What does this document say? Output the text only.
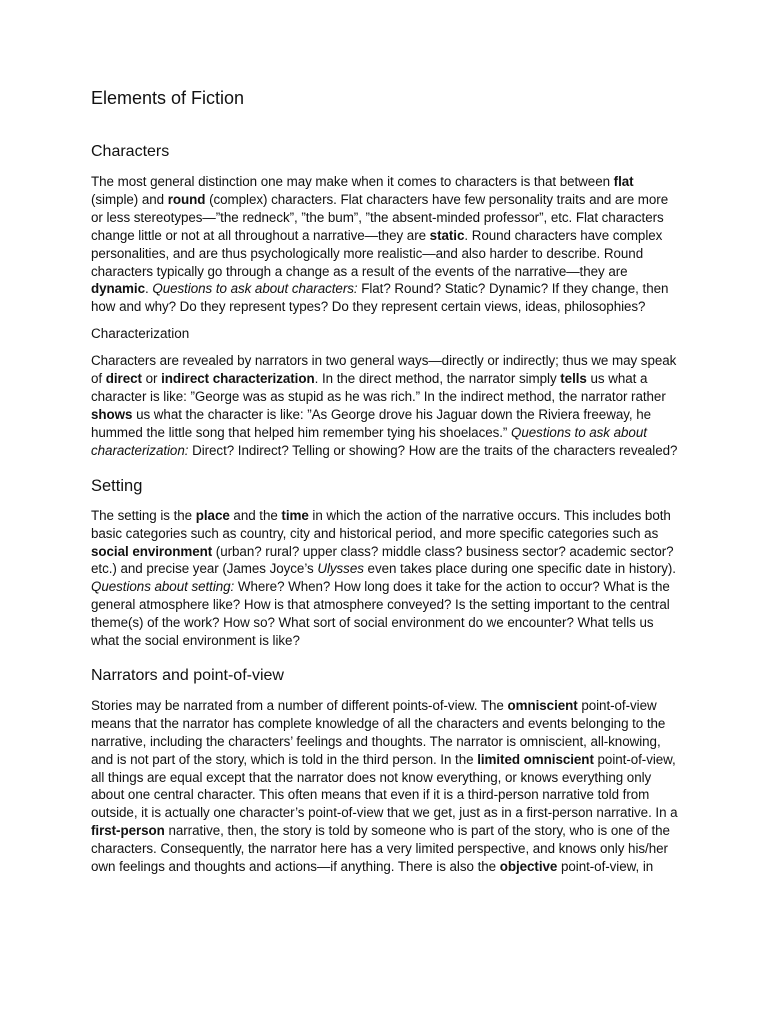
Elements of Fiction
Characters

The most general distinction one may make when it comes to characters is that between flat (simple) and round (complex) characters. Flat characters have few personality traits and are more or less stereotypes—”the redneck”, ”the bum”, ”the absent-minded professor”, etc. Flat characters change little or not at all throughout a narrative—they are static. Round characters have complex personalities, and are thus psychologically more realistic—and also harder to describe. Round characters typically go through a change as a result of the events of the narrative—they are dynamic. Questions to ask about characters: Flat? Round? Static? Dynamic? If they change, then how and why? Do they represent types? Do they represent certain views, ideas, philosophies?

Characterization

Characters are revealed by narrators in two general ways—directly or indirectly; thus we may speak of direct or indirect characterization. In the direct method, the narrator simply tells us what a character is like: ”George was as stupid as he was rich.” In the indirect method, the narrator rather shows us what the character is like: ”As George drove his Jaguar down the Riviera freeway, he hummed the little song that helped him remember tying his shoelaces.” Questions to ask about characterization: Direct? Indirect? Telling or showing? How are the traits of the characters revealed?

Setting

The setting is the place and the time in which the action of the narrative occurs. This includes both basic categories such as country, city and historical period, and more specific categories such as social environment (urban? rural? upper class? middle class? business sector? academic sector? etc.) and precise year (James Joyce’s Ulysses even takes place during one specific date in history). Questions about setting: Where? When? How long does it take for the action to occur? What is the general atmosphere like? How is that atmosphere conveyed? Is the setting important to the central theme(s) of the work? How so? What sort of social environment do we encounter? What tells us what the social environment is like?

Narrators and point-of-view

Stories may be narrated from a number of different points-of-view. The omniscient point-of-view means that the narrator has complete knowledge of all the characters and events belonging to the narrative, including the characters’ feelings and thoughts. The narrator is omniscient, all-knowing, and is not part of the story, which is told in the third person. In the limited omniscient point-of-view, all things are equal except that the narrator does not know everything, or knows everything only about one central character. This often means that even if it is a third-person narrative told from outside, it is actually one character’s point-of-view that we get, just as in a first-person narrative. In a first-person narrative, then, the story is told by someone who is part of the story, who is one of the characters. Consequently, the narrator here has a very limited perspective, and knows only his/her own feelings and thoughts and actions—if anything. There is also the objective point-of-view, in
